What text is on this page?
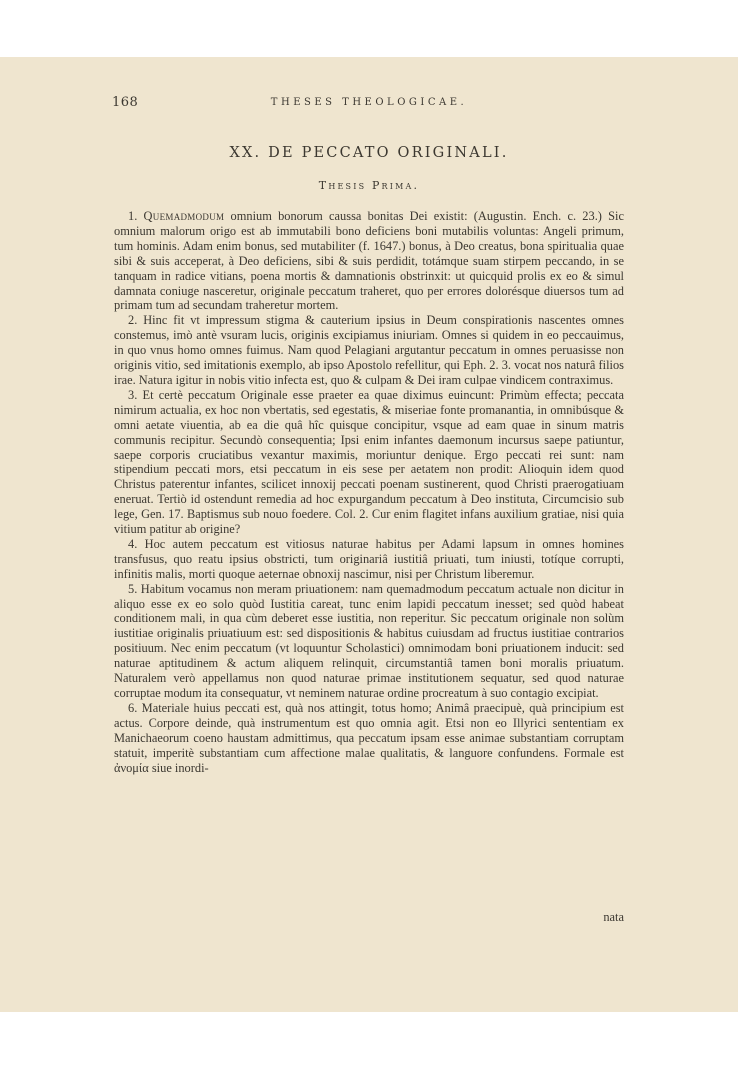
168	THESES THEOLOGICAE.
XX. DE PECCATO ORIGINALI.
Thesis Prima.

1. Quemadmodum omnium bonorum caussa bonitas Dei existit: (Augustin. Ench. c. 23.) Sic omnium malorum origo est ab immutabili bono deficiens boni mutabilis voluntas: Angeli primum, tum hominis. Adam enim bonus, sed mutabiliter (f. 1647.) bonus, à Deo creatus, bona spiritualia quae sibi & suis acceperat, à Deo deficiens, sibi & suis perdidit, totámque suam stirpem peccando, in se tanquam in radice vitians, poena mortis & damnationis obstrinxit: ut quicquid prolis ex eo & simul damnata coniuge nasceretur, originale peccatum traheret, quo per errores dolorésque diuersos tum ad primam tum ad secundam traheretur mortem.

2. Hinc fit vt impressum stigma & cauterium ipsius in Deum conspirationis nascentes omnes constemus, imò antè vsuram lucis, originis excipiamus iniuriam. Omnes si quidem in eo peccauimus, in quo vnus homo omnes fuimus. Nam quod Pelagiani argutantur peccatum in omnes peruasisse non originis vitio, sed imitationis exemplo, ab ipso Apostolo refellitur, qui Eph. 2. 3. vocat nos naturâ filios irae. Natura igitur in nobis vitio infecta est, quo & culpam & Dei iram culpae vindicem contraximus.

3. Et certè peccatum Originale esse praeter ea quae diximus euincunt: Primùm effecta; peccata nimirum actualia, ex hoc non vbertatis, sed egestatis, & miseriae fonte promanantia, in omnibúsque & omni aetate viuentia, ab ea die quâ hîc quisque concipitur, vsque ad eam quae in sinum matris communis recipitur. Secundò consequentia; Ipsi enim infantes daemonum incursus saepe patiuntur, saepe corporis cruciatibus vexantur maximis, moriuntur denique. Ergo peccati rei sunt: nam stipendium peccati mors, etsi peccatum in eis sese per aetatem non prodit: Alioquin idem quod Christus paterentur infantes, scilicet innoxij peccati poenam sustinerent, quod Christi praerogatiuam eneruat. Tertiò id ostendunt remedia ad hoc expurgandum peccatum à Deo instituta, Circumcisio sub lege, Gen. 17. Baptismus sub nouo foedere. Col. 2. Cur enim flagitet infans auxilium gratiae, nisi quia vitium patitur ab origine?

4. Hoc autem peccatum est vitiosus naturae habitus per Adami lapsum in omnes homines transfusus, quo reatu ipsius obstricti, tum originariâ iustitiâ priuati, tum iniusti, totíque corrupti, infinitis malis, morti quoque aeternae obnoxij nascimur, nisi per Christum liberemur.

5. Habitum vocamus non meram priuationem: nam quemadmodum peccatum actuale non dicitur in aliquo esse ex eo solo quòd Iustitia careat, tunc enim lapidi peccatum inesset; sed quòd habeat conditionem mali, in qua cùm deberet esse iustitia, non reperitur. Sic peccatum originale non solùm iustitiae originalis priuatiuum est: sed dispositionis & habitus cuiusdam ad fructus iustitiae contrarios positiuum. Nec enim peccatum (vt loquuntur Scholastici) omnimodam boni priuationem inducit: sed naturae aptitudinem & actum aliquem relinquit, circumstantiâ tamen boni moralis priuatum. Naturalem verò appellamus non quod naturae primae institutionem sequatur, sed quod naturae corruptae modum ita consequatur, vt neminem naturae ordine procreatum à suo contagio excipiat.

6. Materiale huius peccati est, quà nos attingit, totus homo; Animâ praecipuè, quà principium est actus. Corpore deinde, quà instrumentum est quo omnia agit. Etsi non eo Illyrici sententiam ex Manichaeorum coeno haustam admittimus, qua peccatum ipsam esse animae substantiam corruptam statuit, imperitè substantiam cum affectione malae qualitatis, & languore confundens. Formale est ἀνομία siue inordi-

nata
